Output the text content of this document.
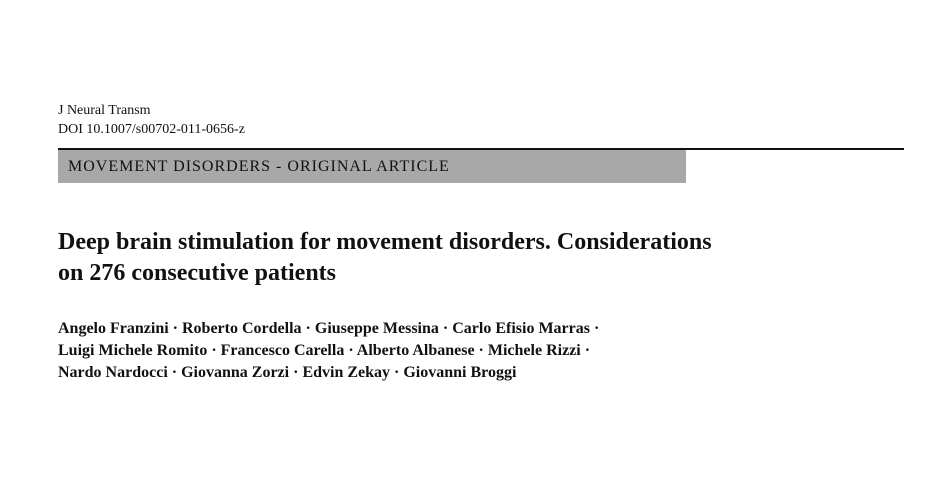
J Neural Transm
DOI 10.1007/s00702-011-0656-z
MOVEMENT DISORDERS - ORIGINAL ARTICLE
Deep brain stimulation for movement disorders. Considerations
on 276 consecutive patients
Angelo Franzini · Roberto Cordella · Giuseppe Messina · Carlo Efisio Marras ·
Luigi Michele Romito · Francesco Carella · Alberto Albanese · Michele Rizzi ·
Nardo Nardocci · Giovanna Zorzi · Edvin Zekay · Giovanni Broggi
